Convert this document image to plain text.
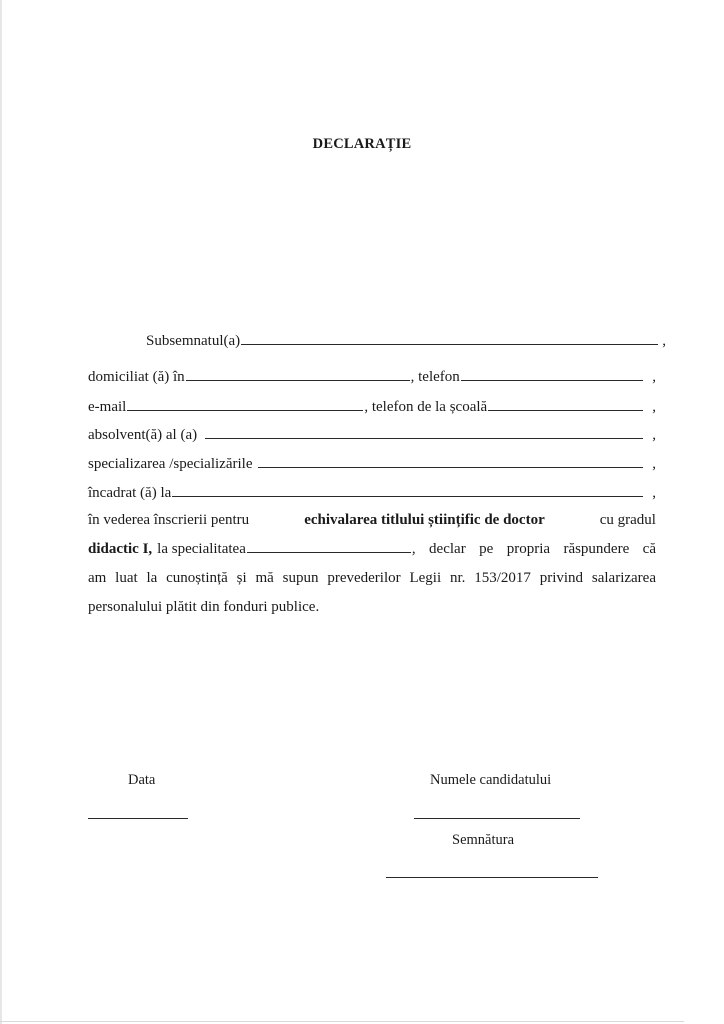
DECLARAȚIE
Subsemnatul(a)	,
domiciliat (ă) în	, telefon	,
e-mail	, telefon de la școală	,
absolvent(ă) al (a)	,
specializarea /specializările	,
încadrat (ă) la	,
în vederea înscrierii pentru	echivalarea titlului științific de doctor	cu gradul
didactic I, la specialitatea	, declar pe propria răspundere că
am luat la cunoștință și mă supun prevederilor Legii nr. 153/2017 privind salarizarea
personalului plătit din fonduri publice.
Data	Numele candidatului
Semnătura
